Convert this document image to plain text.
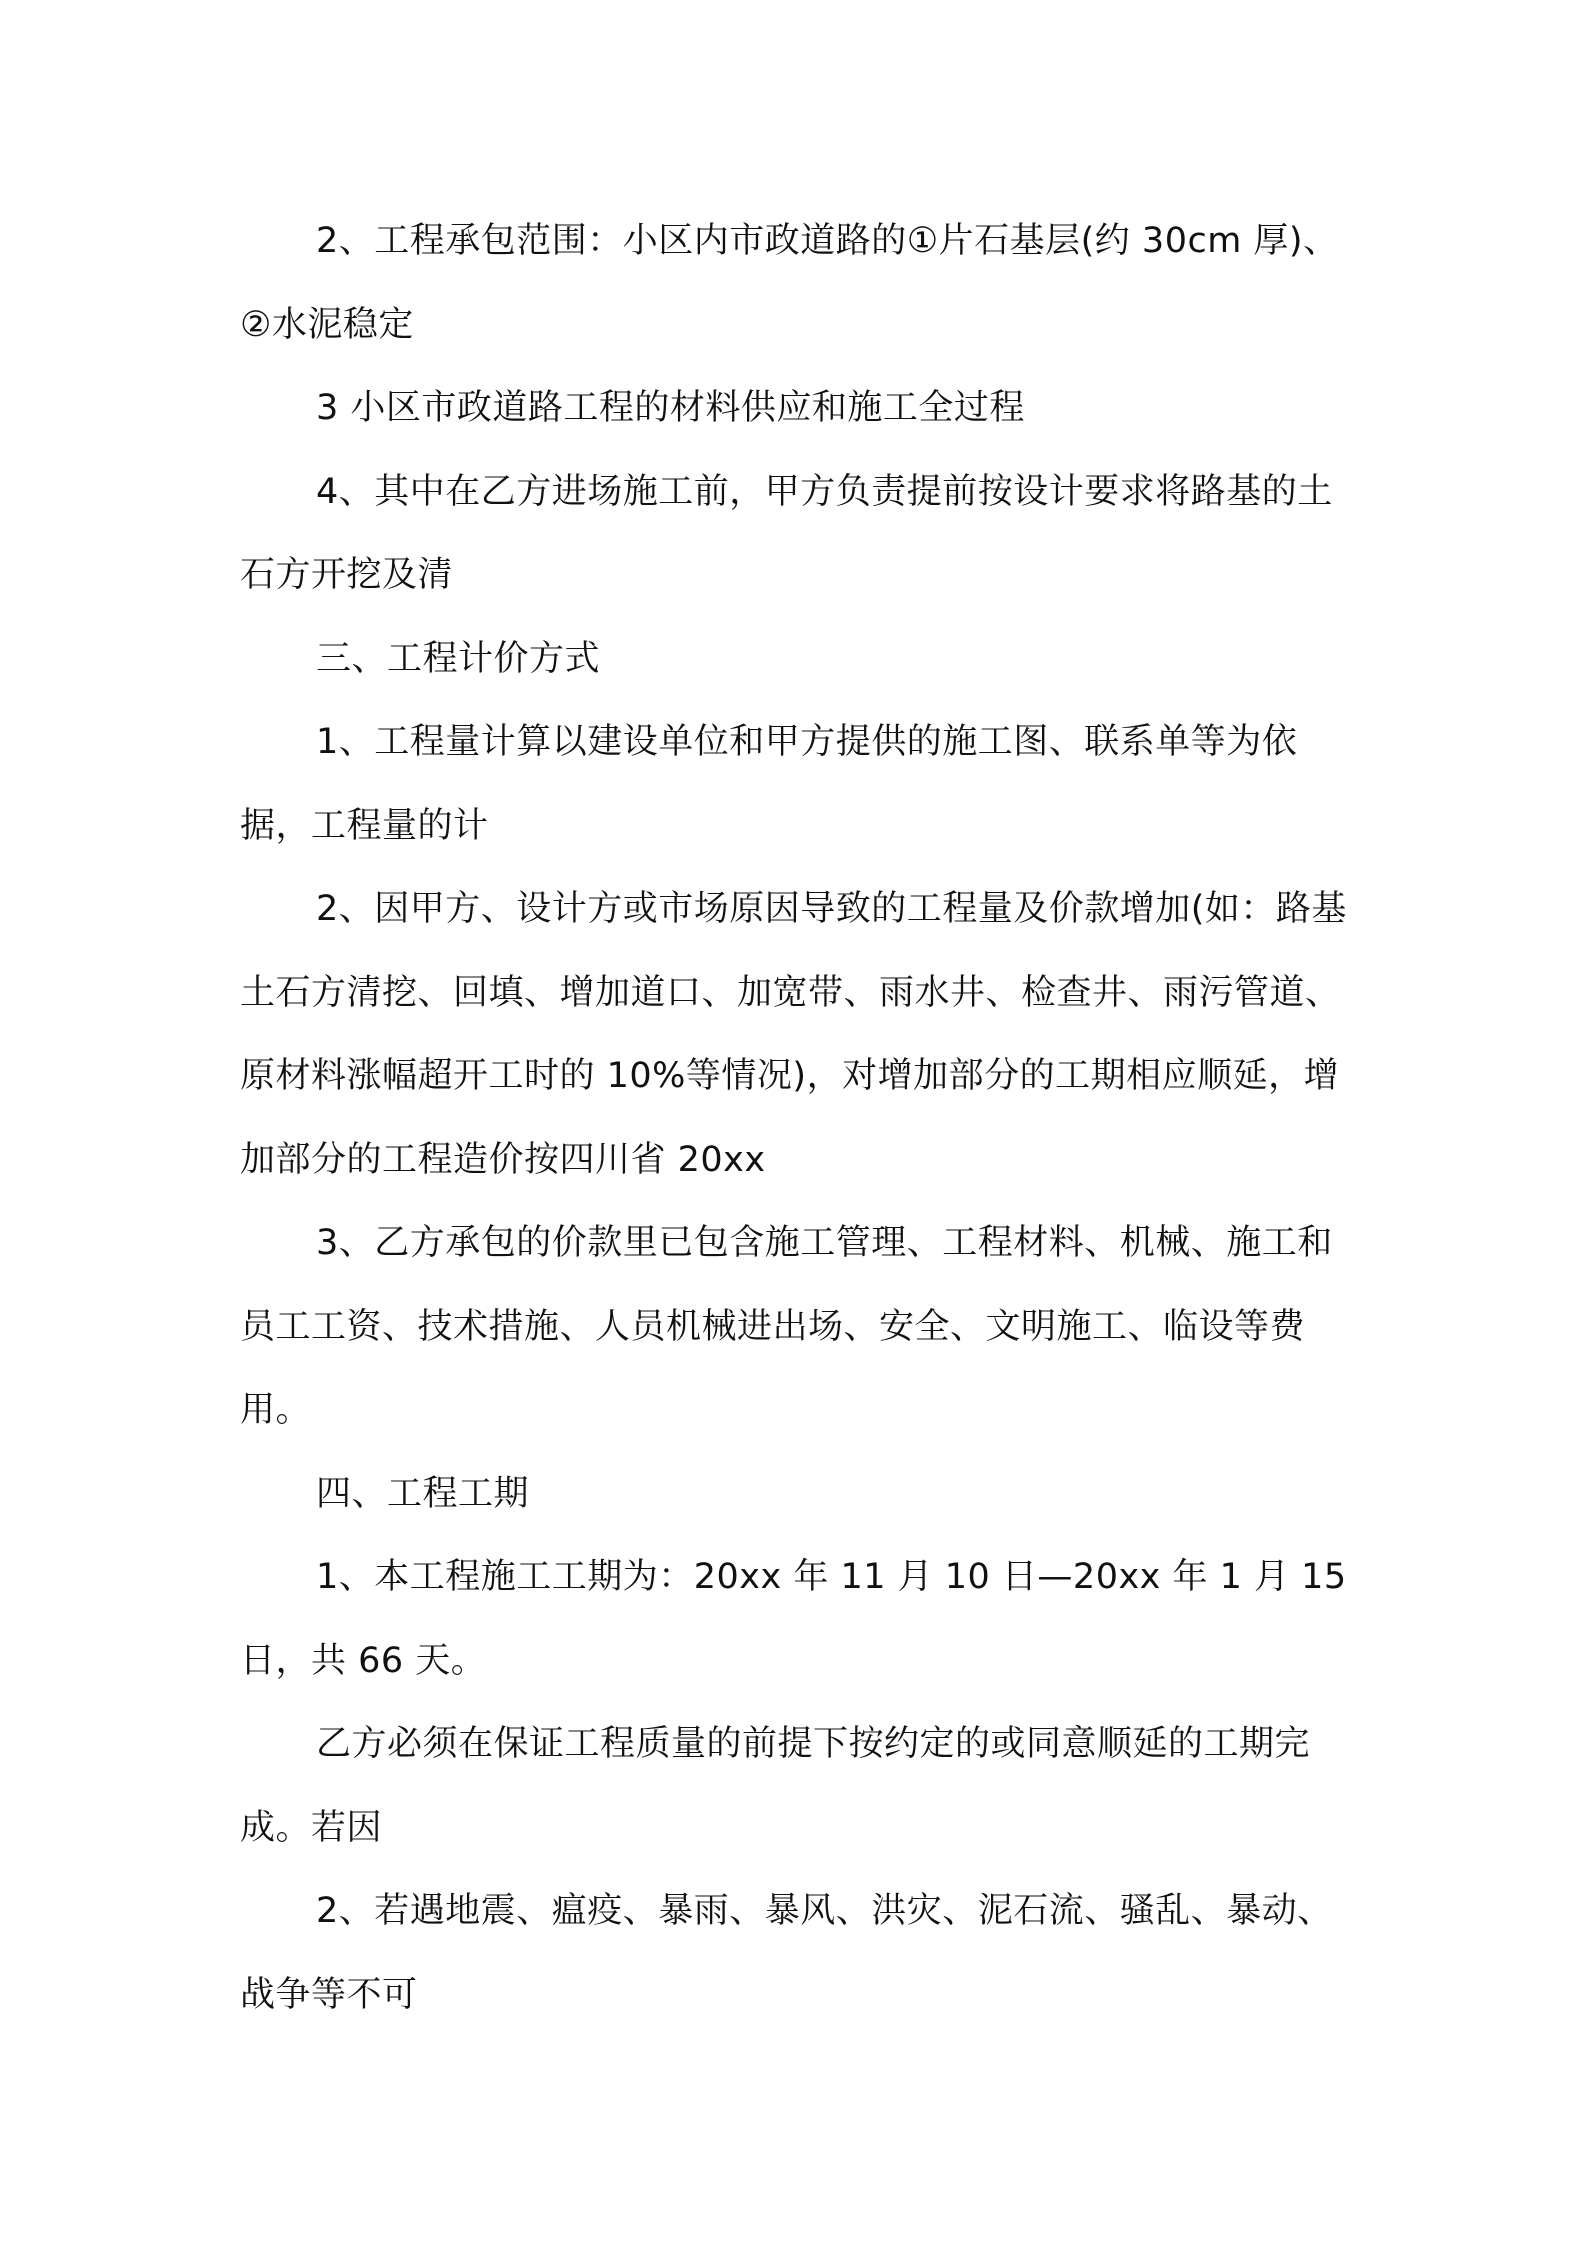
2、工程承包范围：小区内市政道路的①片石基层(约 30cm 厚)、②水泥稳定

3 小区市政道路工程的材料供应和施工全过程

4、其中在乙方进场施工前，甲方负责提前按设计要求将路基的土石方开挖及清

三、工程计价方式

1、工程量计算以建设单位和甲方提供的施工图、联系单等为依据，工程量的计

2、因甲方、设计方或市场原因导致的工程量及价款增加(如：路基土石方清挖、回填、增加道口、加宽带、雨水井、检查井、雨污管道、原材料涨幅超开工时的 10%等情况)，对增加部分的工期相应顺延，增加部分的工程造价按四川省 20xx

3、乙方承包的价款里已包含施工管理、工程材料、机械、施工和员工工资、技术措施、人员机械进出场、安全、文明施工、临设等费用。

四、工程工期

1、本工程施工工期为：20xx 年 11 月 10 日—20xx 年 1 月 15 日，共 66 天。

乙方必须在保证工程质量的前提下按约定的或同意顺延的工期完成。若因

2、若遇地震、瘟疫、暴雨、暴风、洪灾、泥石流、骚乱、暴动、战争等不可
